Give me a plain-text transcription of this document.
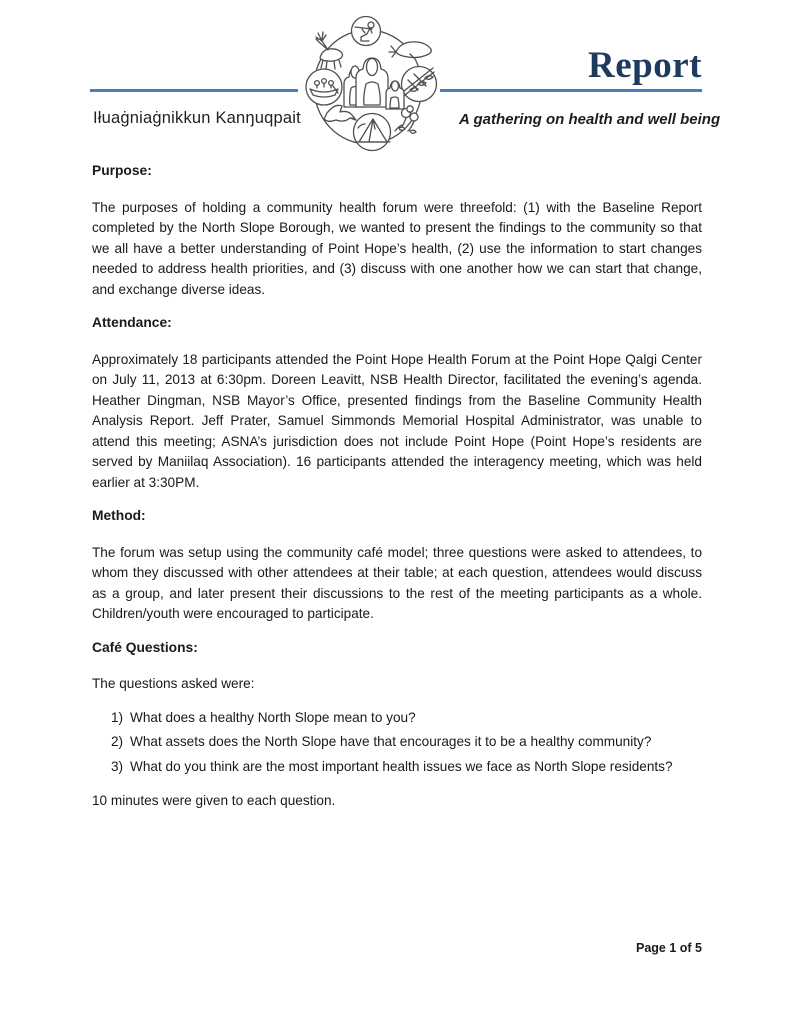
Iłuaġniaġnikkun Kanŋuqpait
Report
A gathering on health and well being
Purpose:

The purposes of holding a community health forum were threefold: (1) with the Baseline Report completed by the North Slope Borough, we wanted to present the findings to the community so that we all have a better understanding of Point Hope’s health, (2) use the information to start changes needed to address health priorities, and (3) discuss with one another how we can start that change, and exchange diverse ideas.

Attendance:

Approximately 18 participants attended the Point Hope Health Forum at the Point Hope Qalgi Center on July 11, 2013 at 6:30pm. Doreen Leavitt, NSB Health Director, facilitated the evening’s agenda. Heather Dingman, NSB Mayor’s Office, presented findings from the Baseline Community Health Analysis Report. Jeff Prater, Samuel Simmonds Memorial Hospital Administrator, was unable to attend this meeting; ASNA’s jurisdiction does not include Point Hope (Point Hope’s residents are served by Maniilaq Association). 16 participants attended the interagency meeting, which was held earlier at 3:30PM.

Method:

The forum was setup using the community café model; three questions were asked to attendees, to whom they discussed with other attendees at their table; at each question, attendees would discuss as a group, and later present their discussions to the rest of the meeting participants as a whole. Children/youth were encouraged to participate.

Café Questions:

The questions asked were:

1) What does a healthy North Slope mean to you?
2) What assets does the North Slope have that encourages it to be a healthy community?
3) What do you think are the most important health issues we face as North Slope residents?

10 minutes were given to each question.

Page 1 of 5
